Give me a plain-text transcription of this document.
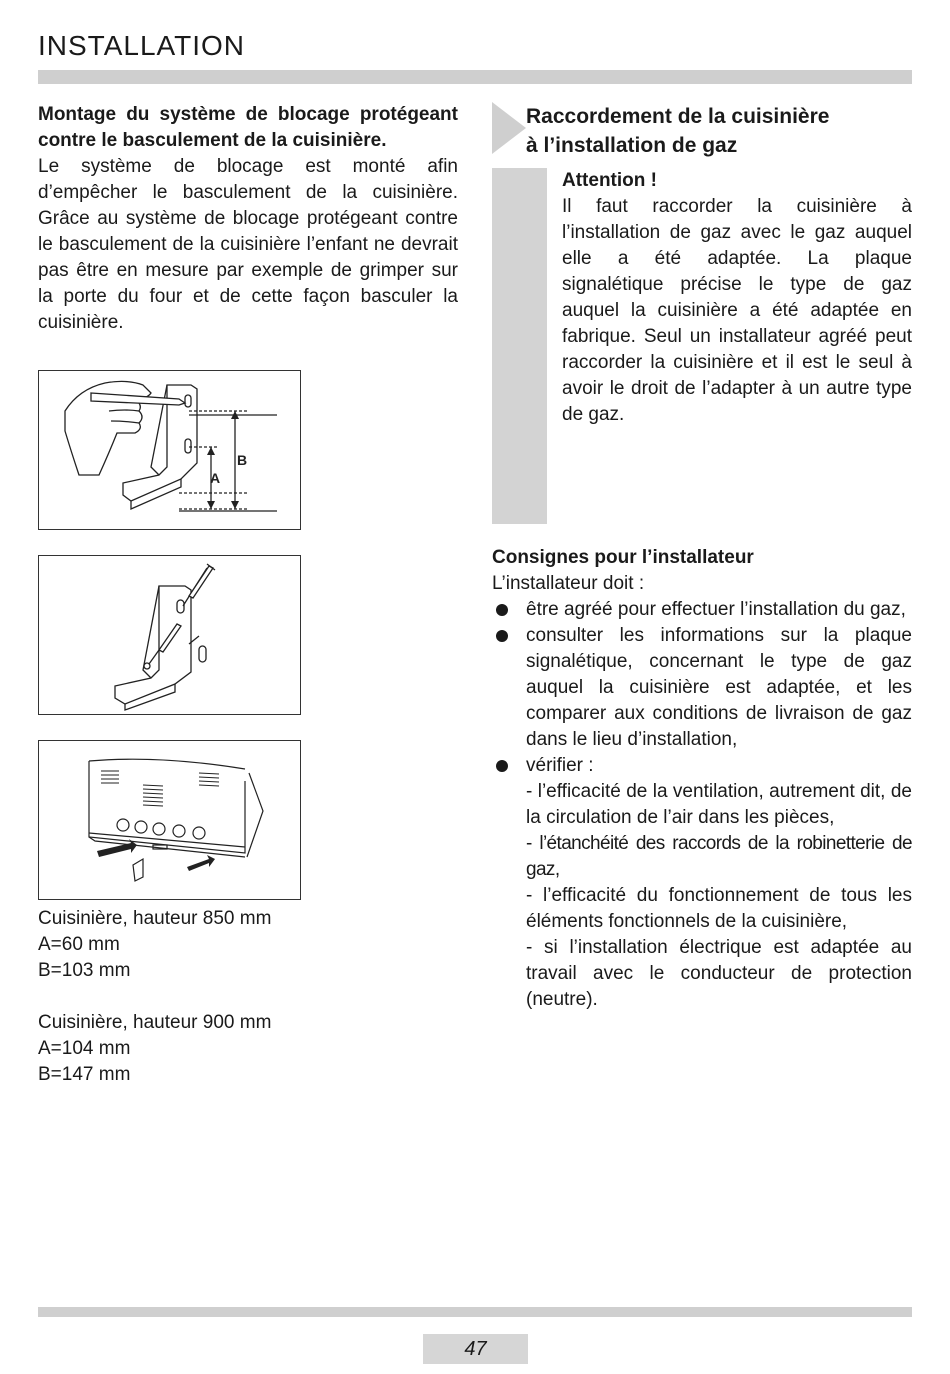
INSTALLATION
Montage du système de blocage protégeant contre le basculement de la cuisinière.

Le système de blocage est monté afin d’empêcher le basculement de la cuisinière. Grâce au système de blocage protégeant contre le basculement de la cuisinière l’enfant ne devrait pas être en mesure par exemple de grimper sur la porte du four et de cette façon basculer la cuisinière.

A
B
Cuisinière, hauteur 850 mm
A=60 mm
B=103 mm
Cuisinière, hauteur 900 mm
A=104 mm
B=147 mm
Raccordement de la cuisinière
à l’installation de gaz
Attention !

Il faut raccorder la cuisinière à l’installation de gaz avec le gaz auquel elle a été adaptée. La plaque signalétique précise le type de gaz auquel la cuisinière a été adaptée en fabrique. Seul un installateur agréé peut raccorder la cuisinière et il est le seul à avoir le droit de l’adapter à un autre type de gaz.

Consignes pour l’installateur

L’installateur doit :

être agréé pour effectuer l’installation du gaz,
consulter les informations sur la plaque signalétique, concernant le type de gaz auquel la cuisinière est adaptée, et les comparer aux conditions de livraison de gaz dans le lieu d’installation,
vérifier :
- l’efficacité de la ventilation, autrement dit, de la circulation de l’air dans les pièces,
- l’étanchéité des raccords de la robinetterie de gaz,
- l’efficacité du fonctionnement de tous les éléments fonctionnels de la cuisinière,
- si l’installation électrique est adaptée au travail avec le conducteur de protection (neutre).
47
